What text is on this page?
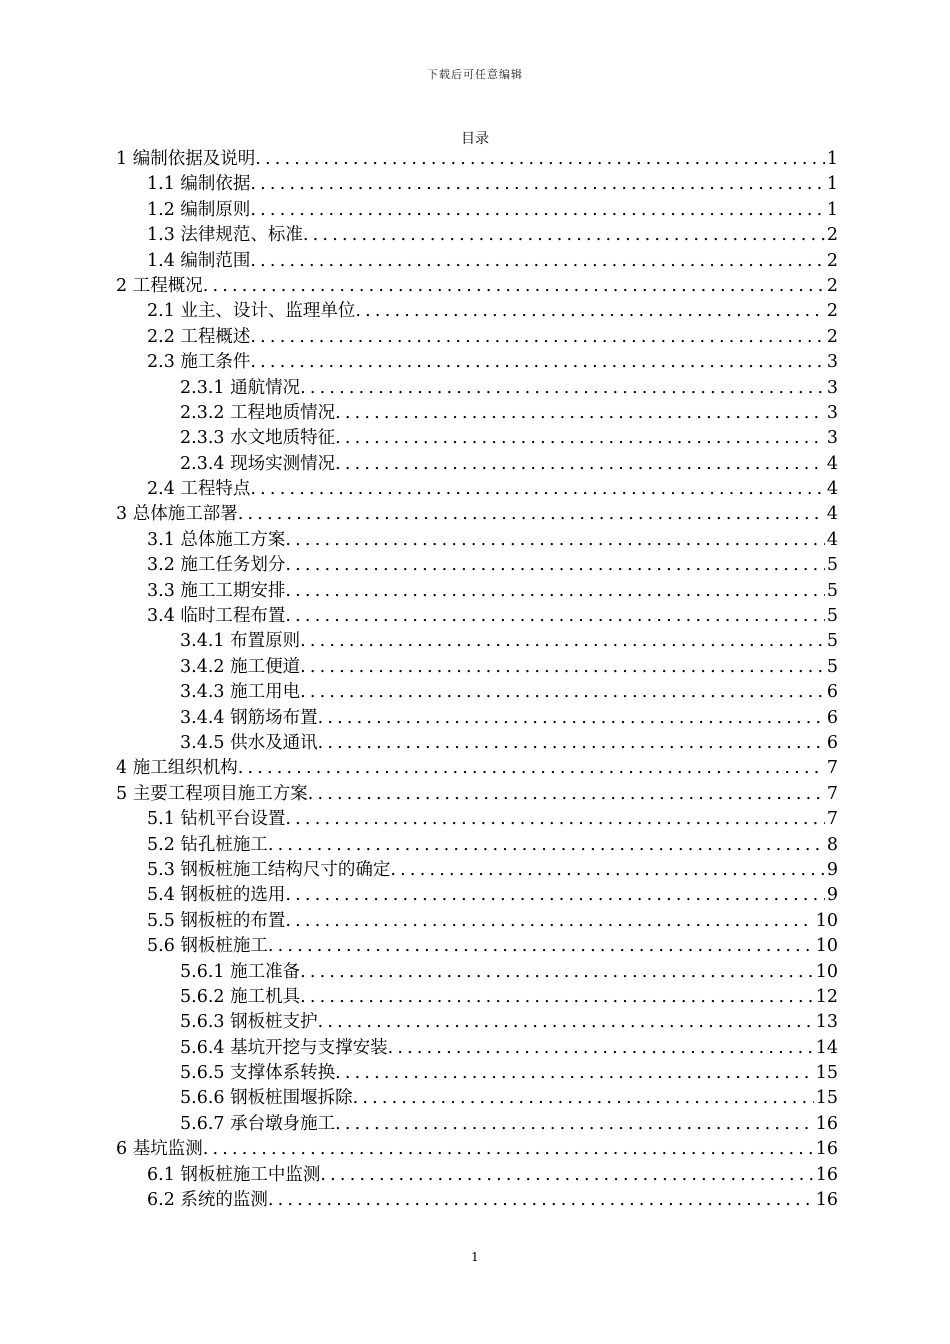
下载后可任意编辑
目录
1 编制依据及说明 .....	1
1.1 编制依据 .....	1
1.2 编制原则 .....	1
1.3 法律规范、标准 .....	2
1.4 编制范围 .....	2
2 工程概况 .....	2
2.1 业主、设计、监理单位 .....	2
2.2 工程概述 .....	2
2.3 施工条件 .....	3
2.3.1 通航情况 .....	3
2.3.2 工程地质情况 .....	3
2.3.3 水文地质特征 .....	3
2.3.4 现场实测情况 .....	4
2.4 工程特点 .....	4
3 总体施工部署 .....	4
3.1 总体施工方案 .....	4
3.2 施工任务划分 .....	5
3.3 施工工期安排 .....	5
3.4 临时工程布置 .....	5
3.4.1 布置原则 .....	5
3.4.2 施工便道 .....	5
3.4.3 施工用电 .....	6
3.4.4 钢筋场布置 .....	6
3.4.5 供水及通讯 .....	6
4 施工组织机构 .....	7
5 主要工程项目施工方案 .....	7
5.1 钻机平台设置 .....	7
5.2 钻孔桩施工 .....	8
5.3 钢板桩施工结构尺寸的确定 .....	9
5.4 钢板桩的选用 .....	9
5.5 钢板桩的布置 .....	10
5.6 钢板桩施工 .....	10
5.6.1 施工准备 .....	10
5.6.2 施工机具 .....	12
5.6.3 钢板桩支护 .....	13
5.6.4 基坑开挖与支撑安装 .....	14
5.6.5 支撑体系转换 .....	15
5.6.6 钢板桩围堰拆除 .....	15
5.6.7 承台墩身施工 .....	16
6 基坑监测 .....	16
6.1 钢板桩施工中监测 .....	16
6.2 系统的监测 .....	16
1
